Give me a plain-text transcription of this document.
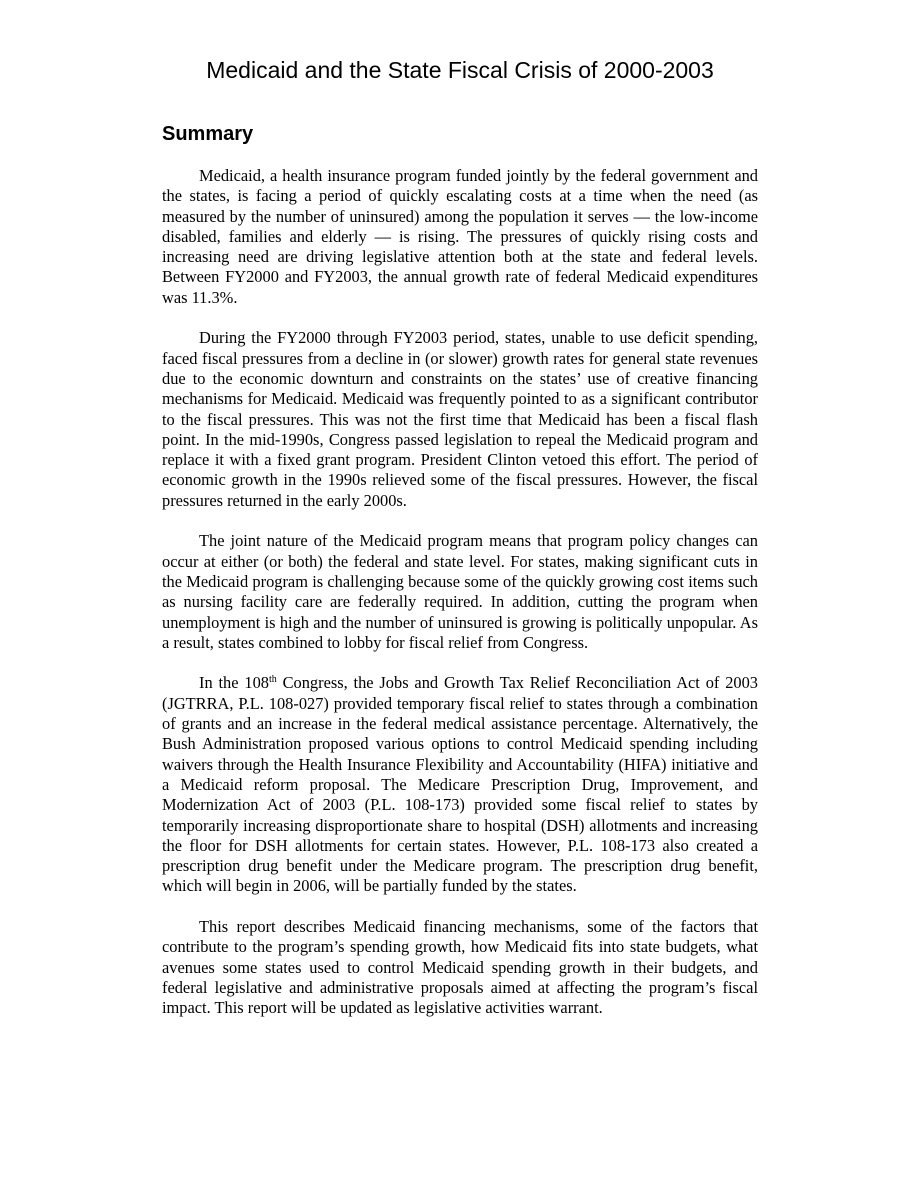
Medicaid and the State Fiscal Crisis of 2000-2003
Summary

Medicaid, a health insurance program funded jointly by the federal government and the states, is facing a period of quickly escalating costs at a time when the need (as measured by the number of uninsured) among the population it serves — the low-income disabled, families and elderly — is rising. The pressures of quickly rising costs and increasing need are driving legislative attention both at the state and federal levels. Between FY2000 and FY2003, the annual growth rate of federal Medicaid expenditures was 11.3%.

During the FY2000 through FY2003 period, states, unable to use deficit spending, faced fiscal pressures from a decline in (or slower) growth rates for general state revenues due to the economic downturn and constraints on the states’ use of creative financing mechanisms for Medicaid. Medicaid was frequently pointed to as a significant contributor to the fiscal pressures. This was not the first time that Medicaid has been a fiscal flash point. In the mid-1990s, Congress passed legislation to repeal the Medicaid program and replace it with a fixed grant program. President Clinton vetoed this effort. The period of economic growth in the 1990s relieved some of the fiscal pressures. However, the fiscal pressures returned in the early 2000s.

The joint nature of the Medicaid program means that program policy changes can occur at either (or both) the federal and state level. For states, making significant cuts in the Medicaid program is challenging because some of the quickly growing cost items such as nursing facility care are federally required. In addition, cutting the program when unemployment is high and the number of uninsured is growing is politically unpopular. As a result, states combined to lobby for fiscal relief from Congress.

In the 108th Congress, the Jobs and Growth Tax Relief Reconciliation Act of 2003 (JGTRRA, P.L. 108-027) provided temporary fiscal relief to states through a combination of grants and an increase in the federal medical assistance percentage. Alternatively, the Bush Administration proposed various options to control Medicaid spending including waivers through the Health Insurance Flexibility and Accountability (HIFA) initiative and a Medicaid reform proposal. The Medicare Prescription Drug, Improvement, and Modernization Act of 2003 (P.L. 108-173) provided some fiscal relief to states by temporarily increasing disproportionate share to hospital (DSH) allotments and increasing the floor for DSH allotments for certain states. However, P.L. 108-173 also created a prescription drug benefit under the Medicare program. The prescription drug benefit, which will begin in 2006, will be partially funded by the states.

This report describes Medicaid financing mechanisms, some of the factors that contribute to the program’s spending growth, how Medicaid fits into state budgets, what avenues some states used to control Medicaid spending growth in their budgets, and federal legislative and administrative proposals aimed at affecting the program’s fiscal impact. This report will be updated as legislative activities warrant.
